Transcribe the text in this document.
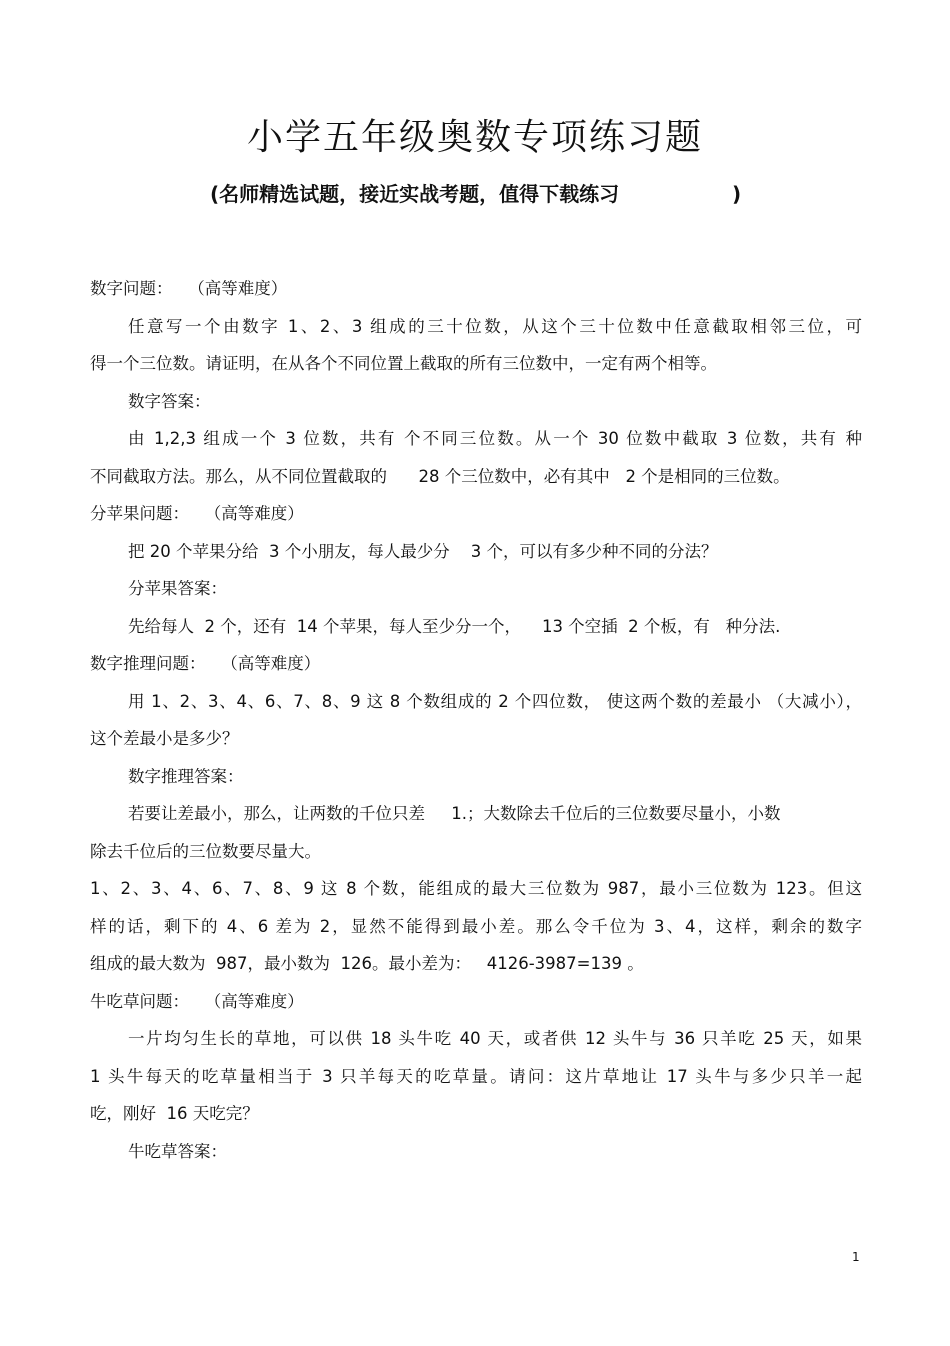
小学五年级奥数专项练习题
(名师精选试题，接近实战考题，值得下载练习	)
数字问题：   （高等难度）
任意写一个由数字 1、2、3 组成的三十位数，从这个三十位数中任意截取相邻三位，可
得一个三位数。请证明，在从各个不同位置上截取的所有三位数中，一定有两个相等。
数字答案：
由 1,2,3 组成一个 3 位数，共有 个不同三位数。从一个 30 位数中截取 3 位数，共有 种
不同截取方法。那么，从不同位置截取的      28 个三位数中，必有其中   2 个是相同的三位数。
分苹果问题：   （高等难度）
把 20 个苹果分给  3 个小朋友，每人最少分    3 个，可以有多少种不同的分法？
分苹果答案：
先给每人  2 个，还有  14 个苹果，每人至少分一个，    13 个空插  2 个板，有   种分法.
数字推理问题：   （高等难度）
用 1、2、3、4、6、7、8、9 这 8 个数组成的 2 个四位数， 使这两个数的差最小 （大减小），
这个差最小是多少？
数字推理答案：
若要让差最小，那么，让两数的千位只差     1.；大数除去千位后的三位数要尽量小，小数
除去千位后的三位数要尽量大。
1、2、3、4、6、7、8、9 这 8 个数，能组成的最大三位数为 987，最小三位数为 123。但这
样的话，剩下的 4、6 差为 2，显然不能得到最小差。那么令千位为 3、4，这样，剩余的数字
组成的最大数为  987，最小数为  126。最小差为：   4126-3987=139 。
牛吃草问题：   （高等难度）
一片均匀生长的草地，可以供 18 头牛吃 40 天，或者供 12 头牛与 36 只羊吃 25 天，如果
1 头牛每天的吃草量相当于 3 只羊每天的吃草量。请问：这片草地让 17 头牛与多少只羊一起
吃，刚好  16 天吃完？
牛吃草答案：
1
